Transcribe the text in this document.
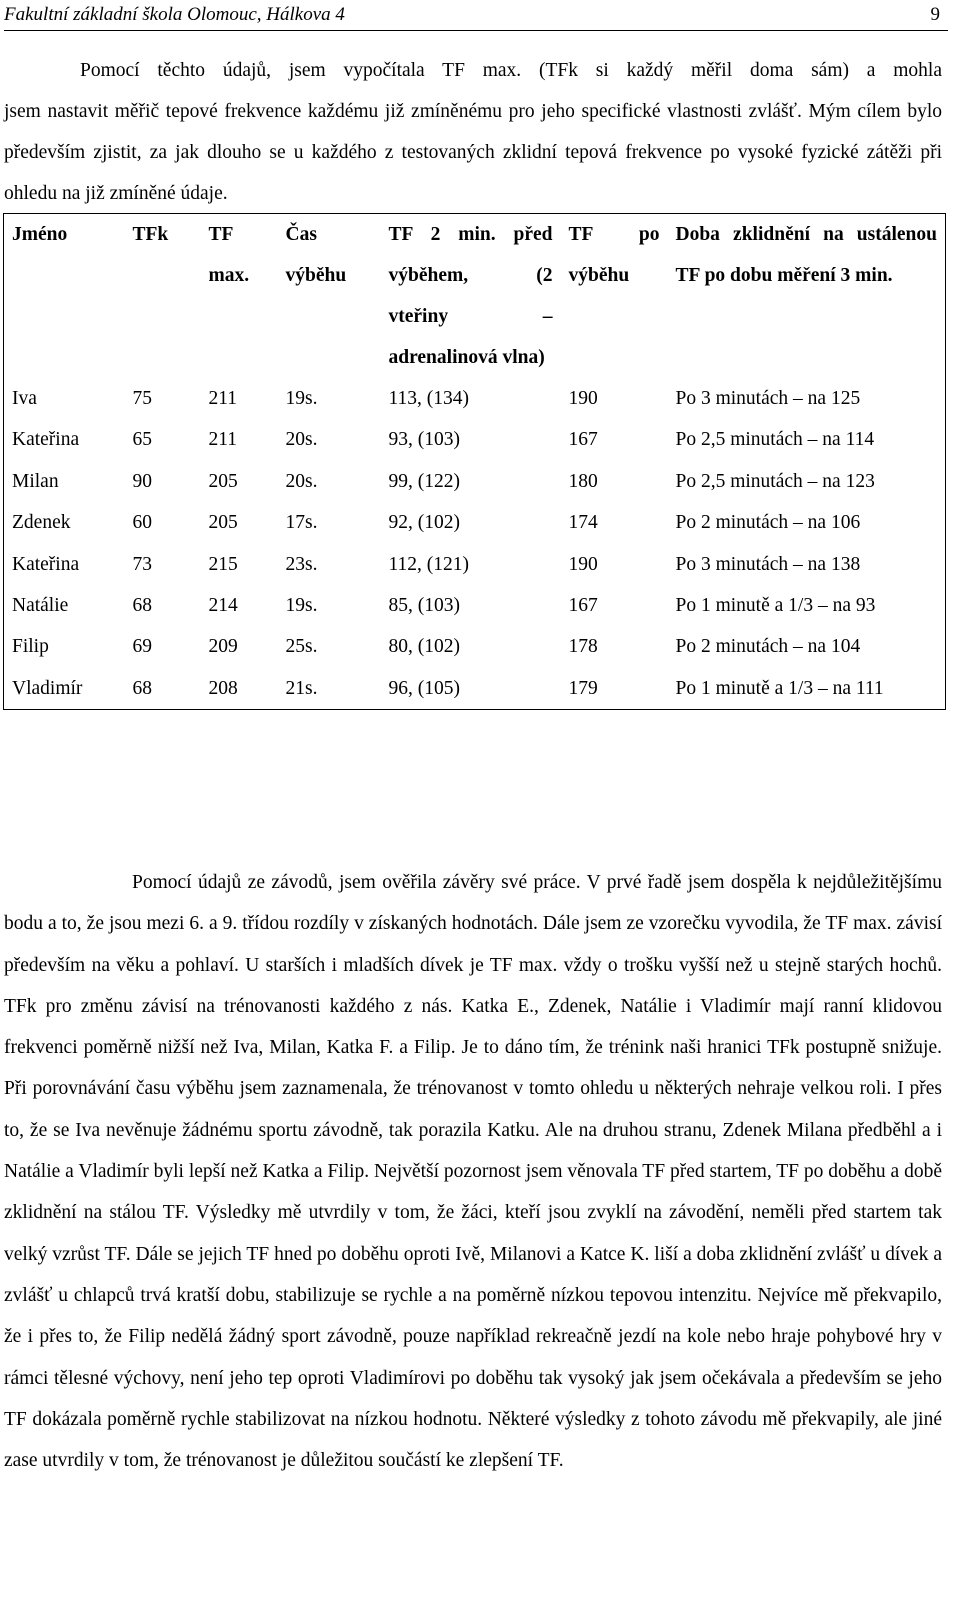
Fakultní základní škola Olomouc, Hálkova 4	9
Pomocí těchto údajů, jsem vypočítala TF max. (TFk si každý měřil doma sám) a mohla
jsem nastavit měřič tepové frekvence každému již zmíněnému pro jeho specifické vlastnosti zvlášť. Mým cílem bylo především zjistit, za jak dlouho se u každého z testovaných zklidní tepová frekvence po vysoké fyzické zátěži při ohledu na již zmíněné údaje.
Jméno	TFk	TF max.	Čas výběhu	TF 2 min. před výběhem, (2 vteřiny – adrenalinová vlna)	TF po výběhu	Doba zklidnění na ustálenou TF po dobu měření 3 min.
Iva	75	211	19s.	113, (134)	190	Po 3 minutách – na 125
Kateřina	65	211	20s.	93, (103)	167	Po 2,5 minutách – na 114
Milan	90	205	20s.	99, (122)	180	Po 2,5 minutách – na 123
Zdenek	60	205	17s.	92, (102)	174	Po 2 minutách – na 106
Kateřina	73	215	23s.	112, (121)	190	Po 3 minutách – na 138
Natálie	68	214	19s.	85, (103)	167	Po 1 minutě a 1/3 – na 93
Filip	69	209	25s.	80, (102)	178	Po 2 minutách – na 104
Vladimír	68	208	21s.	96, (105)	179	Po 1 minutě a 1/3 – na 111
Pomocí údajů ze závodů, jsem ověřila závěry své práce. V prvé řadě jsem dospěla k nejdůležitějšímu bodu a to, že jsou mezi 6. a 9. třídou rozdíly v získaných hodnotách. Dále jsem ze vzorečku vyvodila, že TF max. závisí především na věku a pohlaví. U starších i mladších dívek je TF max. vždy o trošku vyšší než u stejně starých hochů. TFk pro změnu závisí na trénovanosti každého z nás. Katka E., Zdenek, Natálie i Vladimír mají ranní klidovou frekvenci poměrně nižší než Iva, Milan, Katka F. a Filip. Je to dáno tím, že trénink naši hranici TFk postupně snižuje. Při porovnávání času výběhu jsem zaznamenala, že trénovanost v tomto ohledu u některých nehraje velkou roli. I přes to, že se Iva nevěnuje žádnému sportu závodně, tak porazila Katku. Ale na druhou stranu, Zdenek Milana předběhl a i Natálie a Vladimír byli lepší než Katka a Filip. Největší pozornost jsem věnovala TF před startem, TF po doběhu a době zklidnění na stálou TF. Výsledky mě utvrdily v tom, že žáci, kteří jsou zvyklí na závodění, neměli před startem tak velký vzrůst TF. Dále se jejich TF hned po doběhu oproti Ivě, Milanovi a Katce K. liší a doba zklidnění zvlášť u dívek a zvlášť u chlapců trvá kratší dobu, stabilizuje se rychle a na poměrně nízkou tepovou intenzitu. Nejvíce mě překvapilo, že i přes to, že Filip nedělá žádný sport závodně, pouze například rekreačně jezdí na kole nebo hraje pohybové hry v rámci tělesné výchovy, není jeho tep oproti Vladimírovi po doběhu tak vysoký jak jsem očekávala a především se jeho TF dokázala poměrně rychle stabilizovat na nízkou hodnotu. Některé výsledky z tohoto závodu mě překvapily, ale jiné zase utvrdily v tom, že trénovanost je důležitou součástí ke zlepšení TF.
